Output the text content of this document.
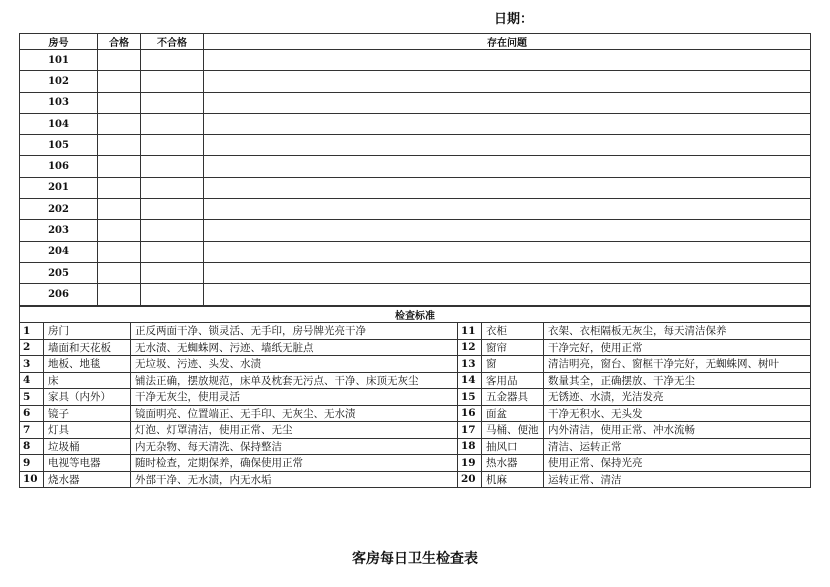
日期：
房号	合格	不合格	存在问题
101			
102			
103			
104			
105			
106			
201			
202			
203			
204			
205			
206			
检查标准					
1	房门	正反两面干净、锁灵活、无手印，房号牌光亮干净	11	衣柜	衣架、衣柜隔板无灰尘，每天清洁保养
2	墙面和天花板	无水渍、无蜘蛛网、污迹、墙纸无脏点	12	窗帘	干净完好，使用正常
3	地板、地毯	无垃圾、污迹、头发、水渍	13	窗	清洁明亮，窗台、窗框干净完好，无蜘蛛网、树叶
4	床	铺法正确，摆放规范，床单及枕套无污点、干净、床顶无灰尘	14	客用品	数量其全，正确摆放、干净无尘
5	家具（内外）	干净无灰尘，使用灵活	15	五金器具	无锈迹、水渍，光洁发亮
6	镜子	镜面明亮、位置端正、无手印、无灰尘、无水渍	16	面盆	干净无积水、无头发
7	灯具	灯泡、灯罩清洁，使用正常、无尘	17	马桶、便池	内外清洁，使用正常、冲水流畅
8	垃圾桶	内无杂物、每天清洗、保持整洁	18	抽风口	清洁、运转正常
9	电视等电器	随时检查，定期保养，确保使用正常	19	热水器	使用正常、保持光亮
10	烧水器	外部干净、无水渍，内无水垢	20	机麻	运转正常、清洁
客房每日卫生检查表
